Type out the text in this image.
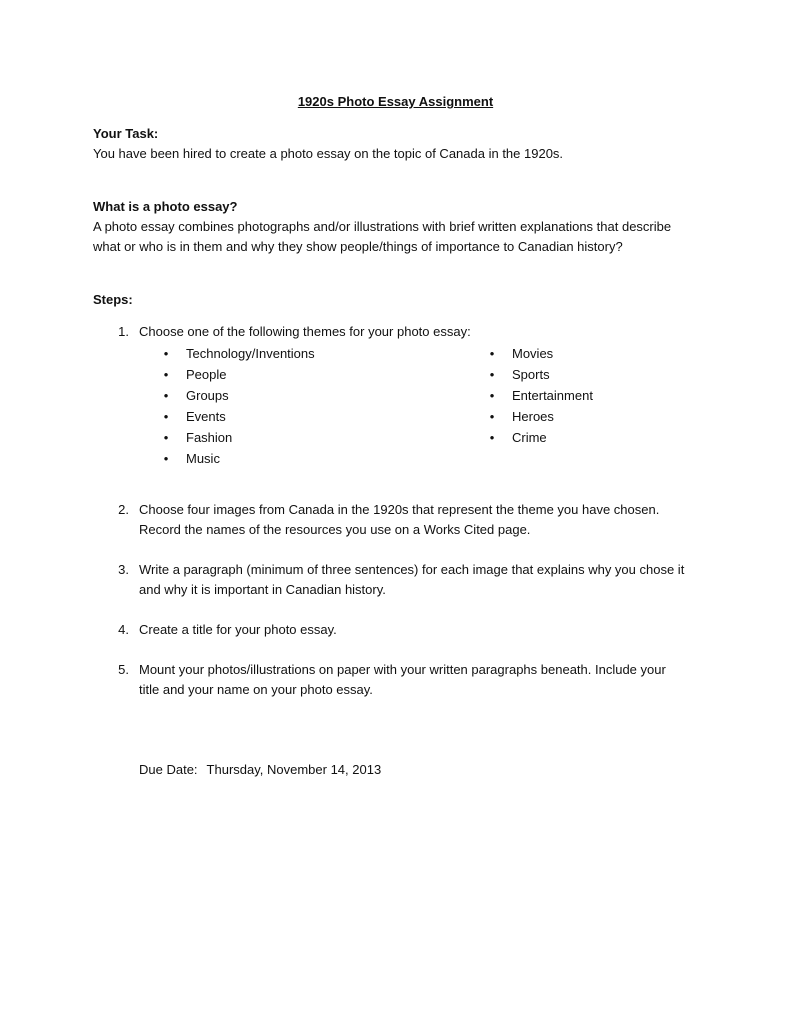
1920s Photo Essay Assignment
Your Task:
You have been hired to create a photo essay on the topic of Canada in the 1920s.
What is a photo essay?
A photo essay combines photographs and/or illustrations with brief written explanations that describe
what or who is in them and why they show people/things of importance to Canadian history?
Steps:
1. Choose one of the following themes for your photo essay:
2. Choose four images from Canada in the 1920s that represent the theme you have chosen.
Record the names of the resources you use on a Works Cited page.
3. Write a paragraph (minimum of three sentences) for each image that explains why you chose it
and why it is important in Canadian history.
4. Create a title for your photo essay.
5. Mount your photos/illustrations on paper with your written paragraphs beneath. Include your
title and your name on your photo essay.
• Technology/Inventions
• People
• Groups
• Events
• Fashion
• Music
• Movies
• Sports
• Entertainment
• Heroes
• Crime
Due Date: Thursday, November 14, 2013
